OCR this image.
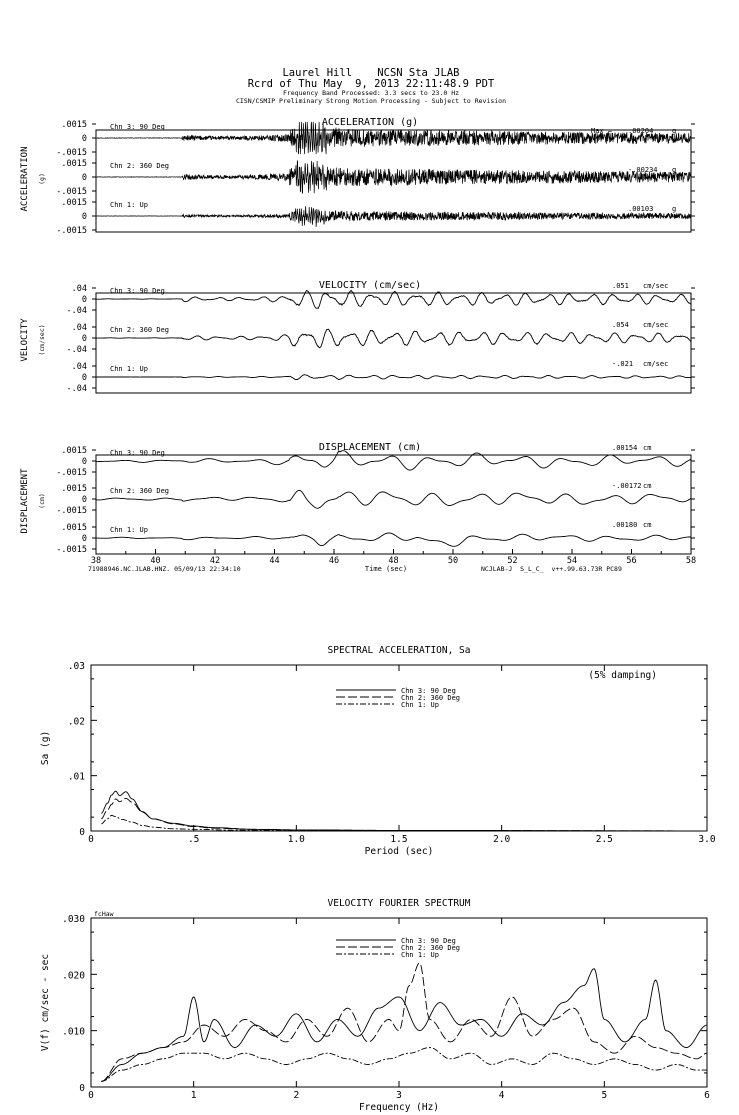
Laurel Hill    NCSN Sta JLAB
Rcrd of Thu May  9, 2013 22:11:48.9 PDT
Frequency Band Processed: 3.3 secs to 23.0 Hz
CISN/CSMIP Preliminary Strong Motion Processing - Subject to Revision
ACCELERATION (g)
ACCELERATION (g)
.0015
0
-.0015
Chn 3: 90 Deg	Max = .00204	g
.0015
0
-.0015
Chn 2: 360 Deg	-.00234 g
.0015
0
-.0015
Chn 1: Up	.00103	g
VELOCITY (cm/sec)
VELOCITY (cm/sec)
.04
0
-.04
Chn 3: 90 Deg
.051 cm/sec
.04
0
-.04
Chn 2: 360 Deg
.054 cm/sec
.04
0
-.04
Chn 1: Up
-.021 cm/sec
DISPLACEMENT (cm)
DISPLACEMENT (cm)
.0015
0
-.0015
Chn 3: 90 Deg
.00154 cm
.0015
0
-.0015
Chn 2: 360 Deg
-.00172 cm
.0015
0
-.0015
Chn 1: Up
.00180 cm
38	40	42	44	46	48	50	52	54	56	58
Time (sec)
71988946.NC.JLAB.HNZ. 05/09/13 22:34:10	NCJLAB-J  S_L_C_  v++.99.63.73R PC89
SPECTRAL ACCELERATION, Sa
0	.5	1.0	1.5	2.0	2.5	3.0
0
.01
.02
.03
Period (sec)
Sa (g)
(5% damping)
Chn 3: 90 Deg
Chn 2: 360 Deg
Chn 1: Up
VELOCITY FOURIER SPECTRUM
0	1	2	3	4	5	6
0
.010
.020
.030
Frequency (Hz)
V(f) cm/sec - sec
fcHaw
Chn 3: 90 Deg
Chn 2: 360 Deg
Chn 1: Up
